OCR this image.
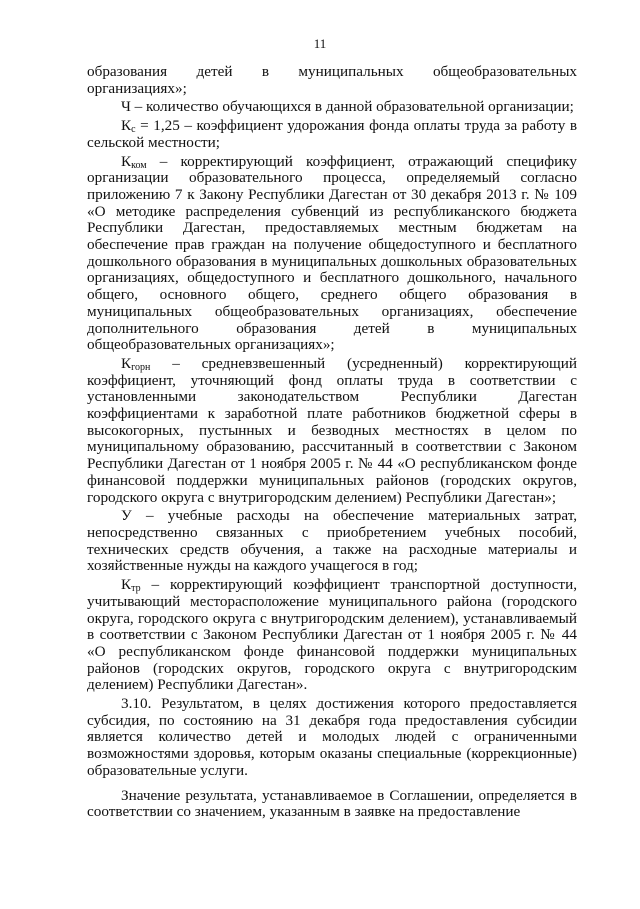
11

образования детей в муниципальных общеобразовательных организациях»;

Ч – количество обучающихся в данной образовательной организации;

$К_с = 1,25$ – коэффициент удорожания фонда оплаты труда за работу в сельской местности;

$К_{ком}$ – корректирующий коэффициент, отражающий специфику организации образовательного процесса, определяемый согласно приложению 7 к Закону Республики Дагестан от 30 декабря 2013 г. № 109 «О методике распределения субвенций из республиканского бюджета Республики Дагестан, предоставляемых местным бюджетам на обеспечение прав граждан на получение общедоступного и бесплатного дошкольного образования в муниципальных дошкольных образовательных организациях, общедоступного и бесплатного дошкольного, начального общего, основного общего, среднего общего образования в муниципальных общеобразовательных организациях, обеспечение дополнительного образования детей в муниципальных общеобразовательных организациях»;

$К_{горн}$ – средневзвешенный (усредненный) корректирующий коэффициент, уточняющий фонд оплаты труда в соответствии с установленными законодательством Республики Дагестан коэффициентами к заработной плате работников бюджетной сферы в высокогорных, пустынных и безводных местностях в целом по муниципальному образованию, рассчитанный в соответствии с Законом Республики Дагестан от 1 ноября 2005 г. № 44 «О республиканском фонде финансовой поддержки муниципальных районов (городских округов, городского округа с внутригородским делением) Республики Дагестан»;

У – учебные расходы на обеспечение материальных затрат, непосредственно связанных с приобретением учебных пособий, технических средств обучения, а также на расходные материалы и хозяйственные нужды на каждого учащегося в год;

$К_{тр}$ – корректирующий коэффициент транспортной доступности, учитывающий месторасположение муниципального района (городского округа, городского округа с внутригородским делением), устанавливаемый в соответствии с Законом Республики Дагестан от 1 ноября 2005 г. № 44 «О республиканском фонде финансовой поддержки муниципальных районов (городских округов, городского округа с внутригородским делением) Республики Дагестан».

3.10. Результатом, в целях достижения которого предоставляется субсидия, по состоянию на 31 декабря года предоставления субсидии является количество детей и молодых людей с ограниченными возможностями здоровья, которым оказаны специальные (коррекционные) образовательные услуги.

Значение результата, устанавливаемое в Соглашении, определяется в соответствии со значением, указанным в заявке на предоставление
